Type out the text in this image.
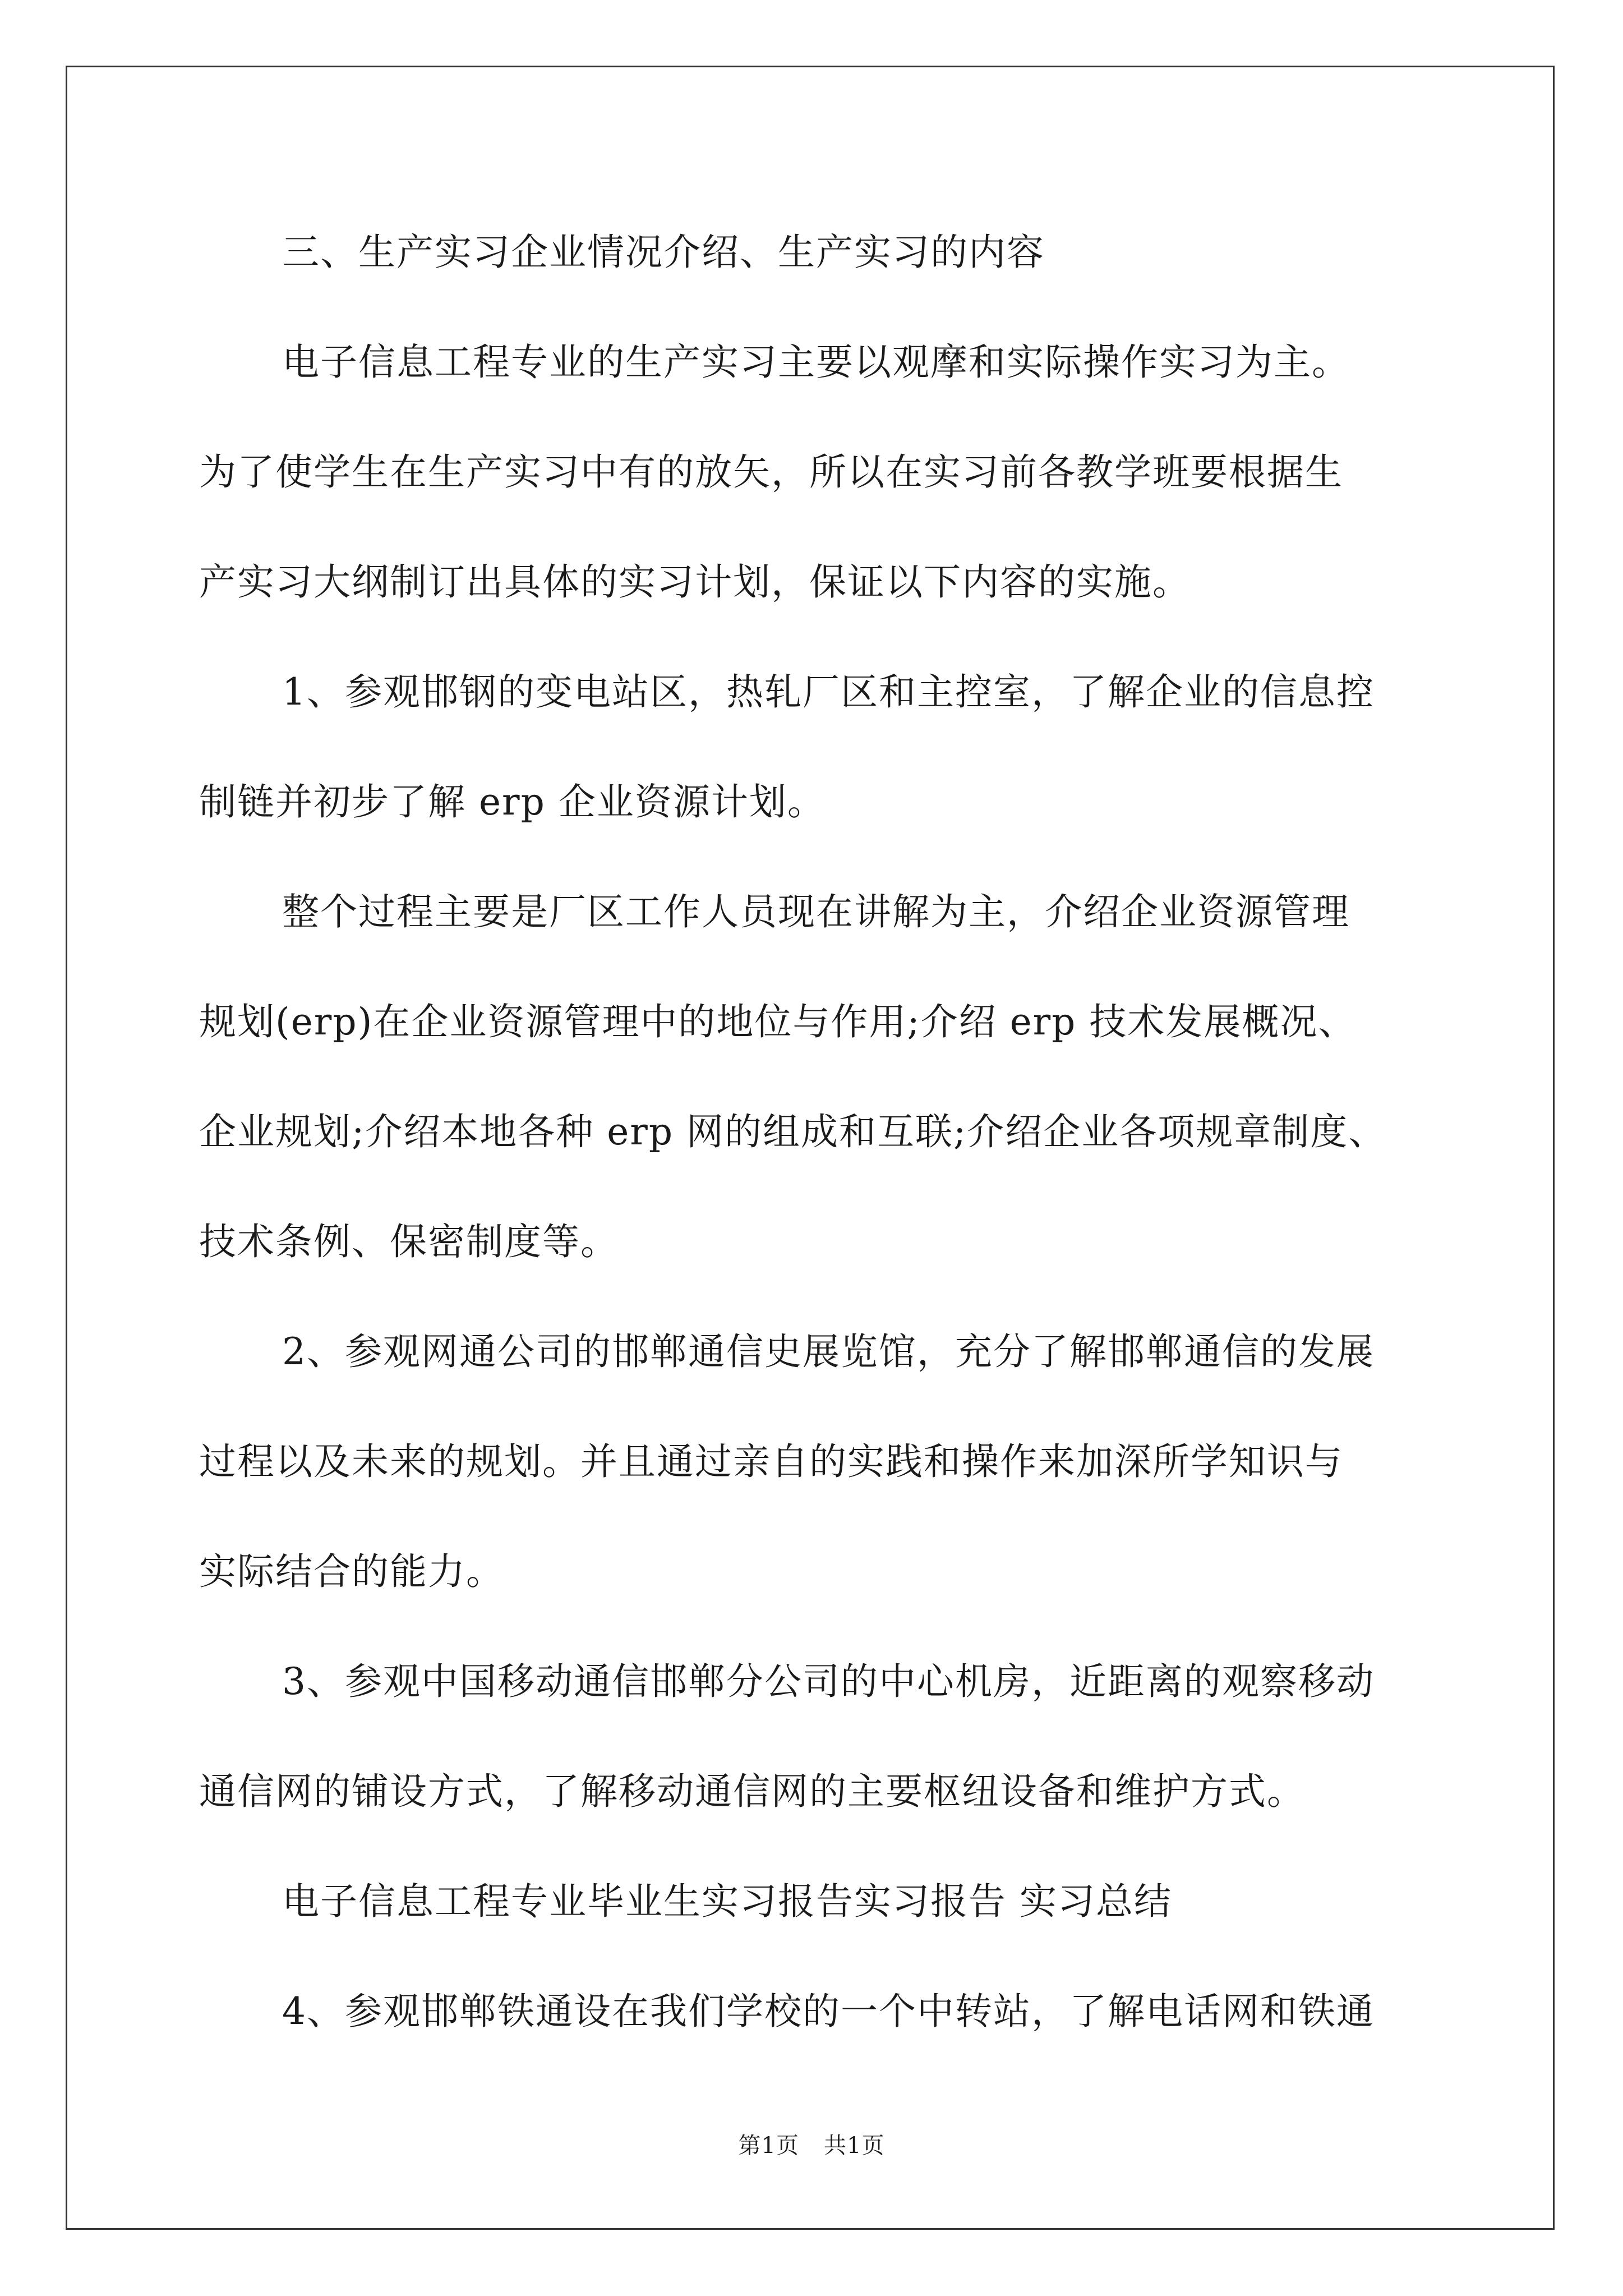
三、生产实习企业情况介绍、生产实习的内容
电子信息工程专业的生产实习主要以观摩和实际操作实习为主。
为了使学生在生产实习中有的放矢，所以在实习前各教学班要根据生
产实习大纲制订出具体的实习计划，保证以下内容的实施。
1、参观邯钢的变电站区，热轧厂区和主控室，了解企业的信息控
制链并初步了解 erp 企业资源计划。
整个过程主要是厂区工作人员现在讲解为主，介绍企业资源管理
规划(erp)在企业资源管理中的地位与作用;介绍 erp 技术发展概况、
企业规划;介绍本地各种 erp 网的组成和互联;介绍企业各项规章制度、
技术条例、保密制度等。
2、参观网通公司的邯郸通信史展览馆，充分了解邯郸通信的发展
过程以及未来的规划。并且通过亲自的实践和操作来加深所学知识与
实际结合的能力。
3、参观中国移动通信邯郸分公司的中心机房，近距离的观察移动
通信网的铺设方式，了解移动通信网的主要枢纽设备和维护方式。
电子信息工程专业毕业生实习报告实习报告 实习总结
4、参观邯郸铁通设在我们学校的一个中转站，了解电话网和铁通
第1页 共1页
